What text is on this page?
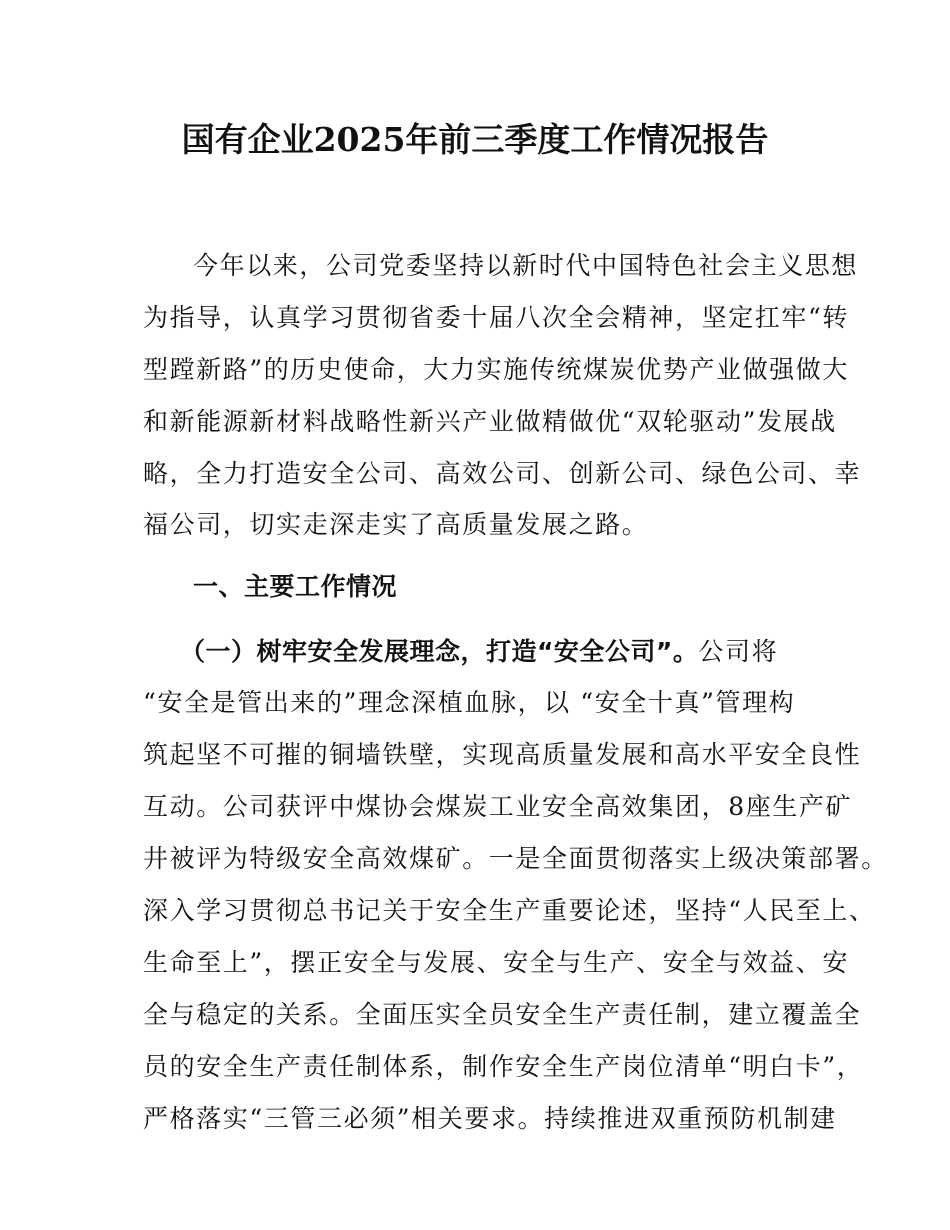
国有企业2025年前三季度工作情况报告
今年以来，公司党委坚持以新时代中国特色社会主义思想
为指导，认真学习贯彻省委十届八次全会精神，坚定扛牢“转
型蹚新路”的历史使命，大力实施传统煤炭优势产业做强做大
和新能源新材料战略性新兴产业做精做优“双轮驱动”发展战
略，全力打造安全公司、高效公司、创新公司、绿色公司、幸
福公司，切实走深走实了高质量发展之路。
一、主要工作情况
（一）树牢安全发展理念，打造“安全公司”。公司将
“安全是管出来的”理念深植血脉，以 “安全十真”管理构
筑起坚不可摧的铜墙铁壁，实现高质量发展和高水平安全良性
互动。公司获评中煤协会煤炭工业安全高效集团，8座生产矿
井被评为特级安全高效煤矿。一是全面贯彻落实上级决策部署。
深入学习贯彻总书记关于安全生产重要论述，坚持“人民至上、
生命至上”，摆正安全与发展、安全与生产、安全与效益、安
全与稳定的关系。全面压实全员安全生产责任制，建立覆盖全
员的安全生产责任制体系，制作安全生产岗位清单“明白卡”，
严格落实“三管三必须”相关要求。持续推进双重预防机制建
